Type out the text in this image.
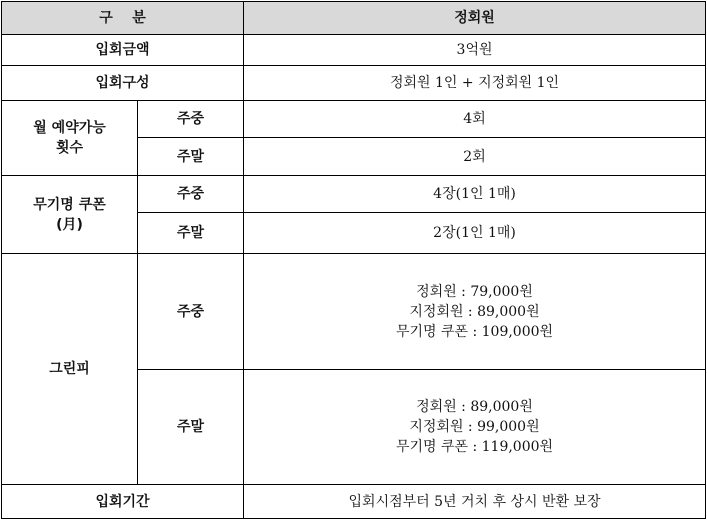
구    분		정회원
입회금액		3억원
입회구성		정회원 1인 + 지정회원 1인

월 예약가능
횟수	주중	4회
	주말	2회

무기명 쿠폰
(月)	주중	4장(1인 1매)
	주말	2장(1인 1매)
그린피	주중	정회원 : 79,000원
지정회원 : 89,000원
무기명 쿠폰 : 109,000원

	주말	정회원 : 89,000원
지정회원 : 99,000원
무기명 쿠폰 : 119,000원

입회기간		입회시점부터 5년 거치 후 상시 반환 보장
